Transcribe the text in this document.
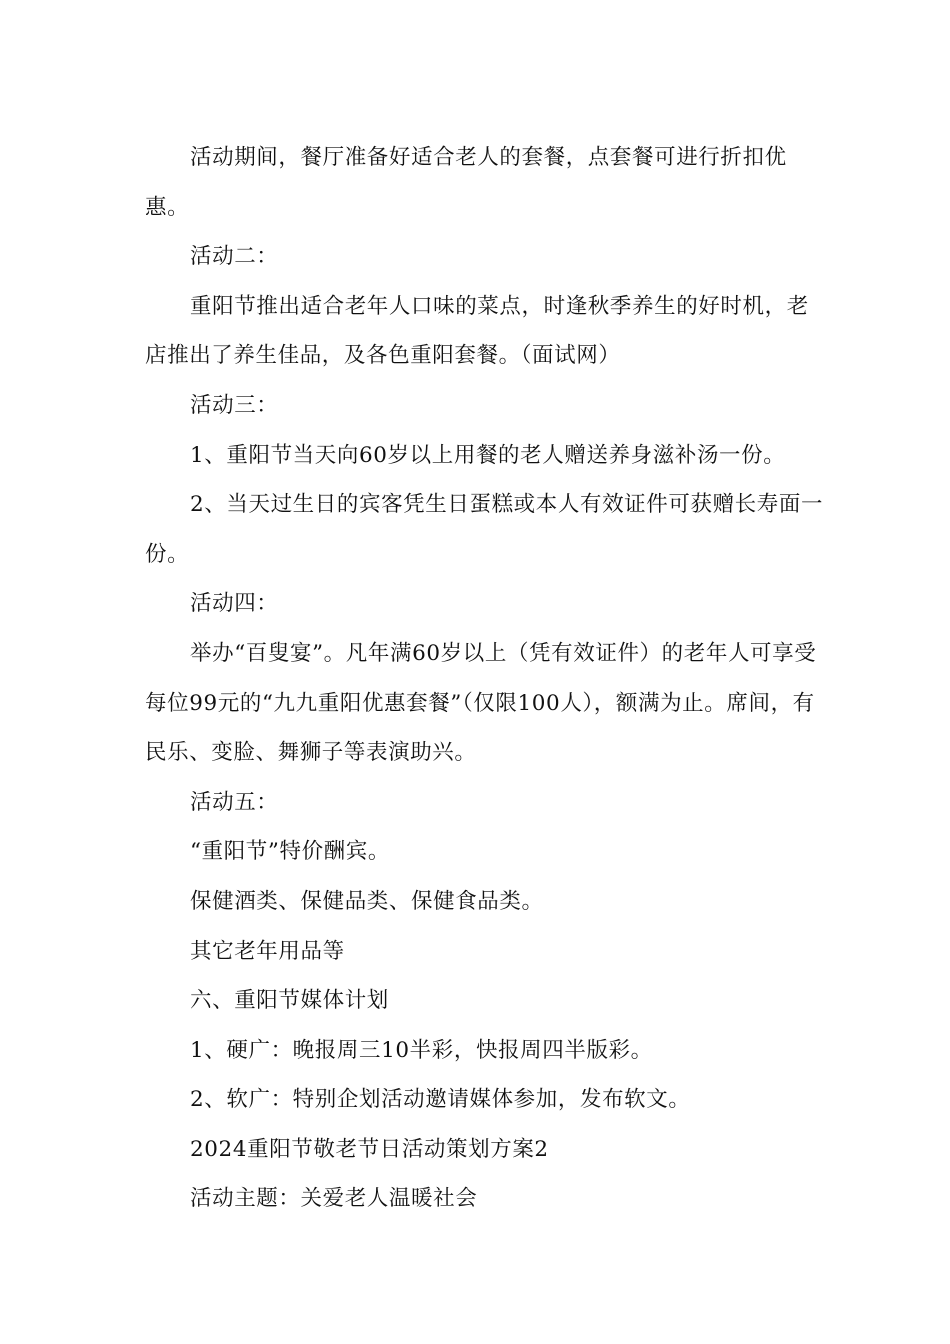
活动期间，餐厅准备好适合老人的套餐，点套餐可进行折扣优惠。

活动二：

重阳节推出适合老年人口味的菜点，时逢秋季养生的好时机，老店推出了养生佳品，及各色重阳套餐。（面试网）

活动三：

1、重阳节当天向60岁以上用餐的老人赠送养身滋补汤一份。

2、当天过生日的宾客凭生日蛋糕或本人有效证件可获赠长寿面一份。

活动四：

举办“百叟宴”。凡年满60岁以上（凭有效证件）的老年人可享受每位99元的“九九重阳优惠套餐”（仅限100人），额满为止。席间，有民乐、变脸、舞狮子等表演助兴。

活动五：

“重阳节”特价酬宾。

保健酒类、保健品类、保健食品类。

其它老年用品等

六、重阳节媒体计划

1、硬广：晚报周三10半彩，快报周四半版彩。

2、软广：特别企划活动邀请媒体参加，发布软文。

2024重阳节敬老节日活动策划方案2

活动主题：关爱老人温暖社会
